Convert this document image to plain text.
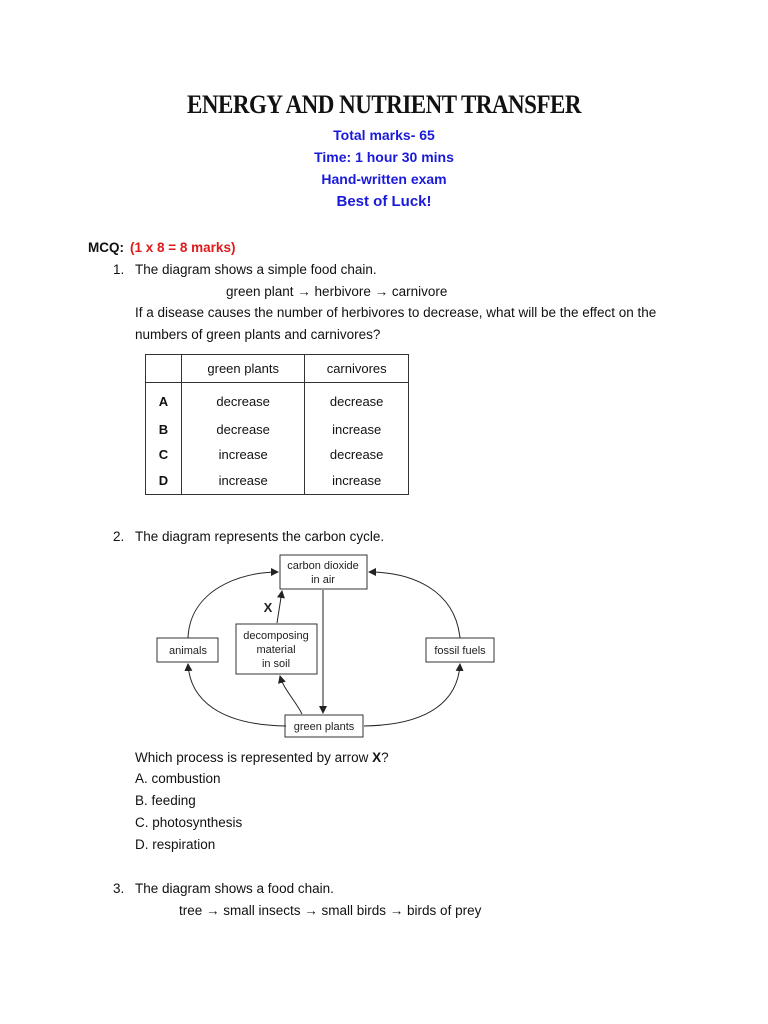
ENERGY AND NUTRIENT TRANSFER
Total marks- 65
Time: 1 hour 30 mins
Hand-written exam
Best of Luck!
MCQ: (1 x 8 = 8 marks)
1. The diagram shows a simple food chain.
green plant → herbivore → carnivore
If a disease causes the number of herbivores to decrease, what will be the effect on the
numbers of green plants and carnivores?
	green plants	carnivores
A	decrease	decrease
B	decrease	increase
C	increase	decrease
D	increase	increase
2. The diagram represents the carbon cycle.
carbon dioxide
in air
animals
decomposing
material
in soil
fossil fuels
green plants
X
Which process is represented by arrow X?
A. combustion
B. feeding
C. photosynthesis
D. respiration
3. The diagram shows a food chain.
tree → small insects → small birds → birds of prey
